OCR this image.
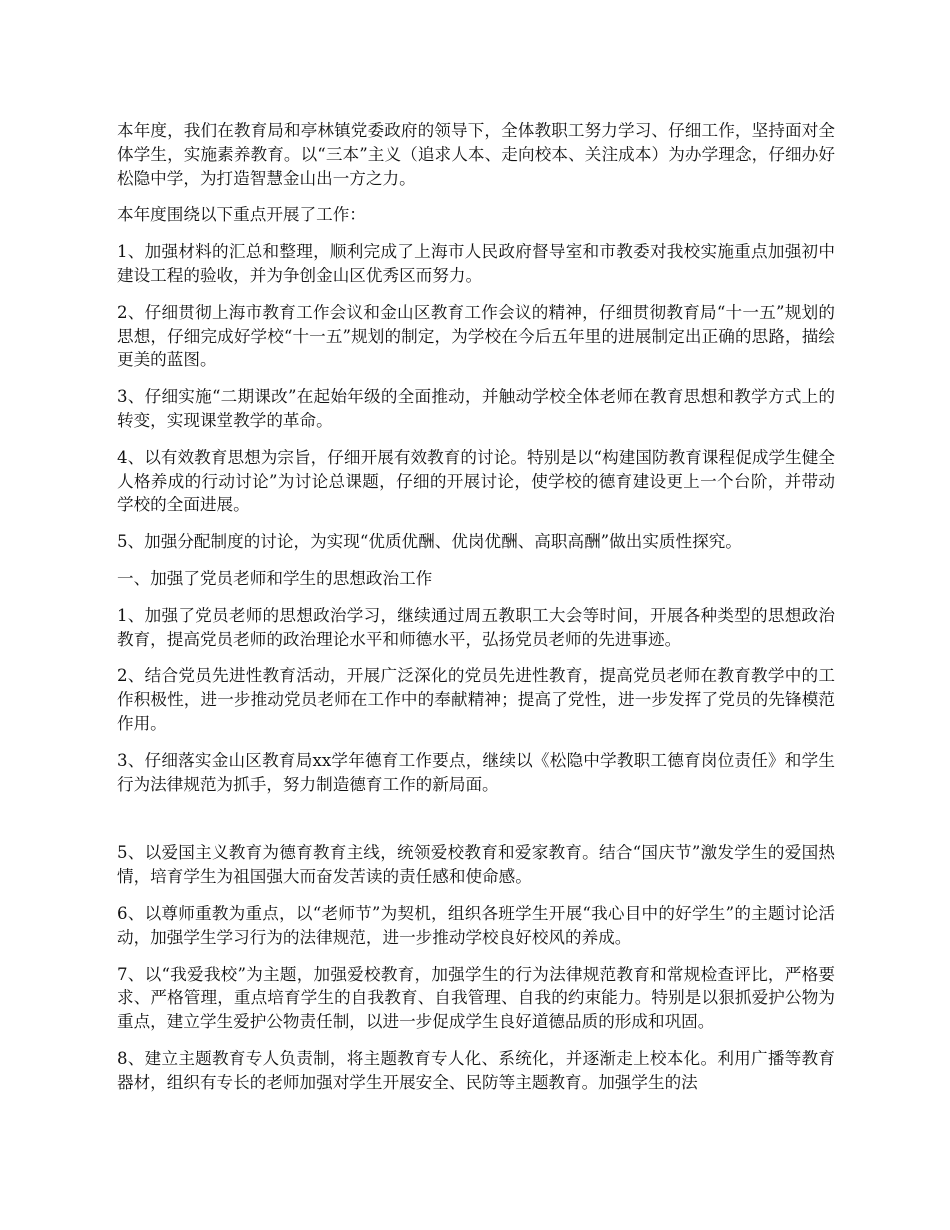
本年度，我们在教育局和亭林镇党委政府的领导下，全体教职工努力学习、仔细工作，坚持面对全体学生，实施素养教育。以“三本”主义（追求人本、走向校本、关注成本）为办学理念，仔细办好松隐中学，为打造智慧金山出一方之力。

本年度围绕以下重点开展了工作：

1、加强材料的汇总和整理，顺利完成了上海市人民政府督导室和市教委对我校实施重点加强初中建设工程的验收，并为争创金山区优秀区而努力。

2、仔细贯彻上海市教育工作会议和金山区教育工作会议的精神，仔细贯彻教育局“十一五”规划的思想，仔细完成好学校“十一五”规划的制定，为学校在今后五年里的进展制定出正确的思路，描绘更美的蓝图。

3、仔细实施“二期课改”在起始年级的全面推动，并触动学校全体老师在教育思想和教学方式上的转变，实现课堂教学的革命。

4、以有效教育思想为宗旨，仔细开展有效教育的讨论。特别是以“构建国防教育课程促成学生健全人格养成的行动讨论”为讨论总课题，仔细的开展讨论，使学校的德育建设更上一个台阶，并带动学校的全面进展。

5、加强分配制度的讨论，为实现“优质优酬、优岗优酬、高职高酬”做出实质性探究。

一、加强了党员老师和学生的思想政治工作

1、加强了党员老师的思想政治学习，继续通过周五教职工大会等时间，开展各种类型的思想政治教育，提高党员老师的政治理论水平和师德水平，弘扬党员老师的先进事迹。

2、结合党员先进性教育活动，开展广泛深化的党员先进性教育，提高党员老师在教育教学中的工作积极性，进一步推动党员老师在工作中的奉献精神；提高了党性，进一步发挥了党员的先锋模范作用。

3、仔细落实金山区教育局xx学年德育工作要点，继续以《松隐中学教职工德育岗位责任》和学生行为法律规范为抓手，努力制造德育工作的新局面。

5、以爱国主义教育为德育教育主线，统领爱校教育和爱家教育。结合“国庆节”激发学生的爱国热情，培育学生为祖国强大而奋发苦读的责任感和使命感。

6、以尊师重教为重点，以“老师节”为契机，组织各班学生开展“我心目中的好学生”的主题讨论活动，加强学生学习行为的法律规范，进一步推动学校良好校风的养成。

7、以“我爱我校”为主题，加强爱校教育，加强学生的行为法律规范教育和常规检查评比，严格要求、严格管理，重点培育学生的自我教育、自我管理、自我的约束能力。特别是以狠抓爱护公物为重点，建立学生爱护公物责任制，以进一步促成学生良好道德品质的形成和巩固。

8、建立主题教育专人负责制，将主题教育专人化、系统化，并逐渐走上校本化。利用广播等教育器材，组织有专长的老师加强对学生开展安全、民防等主题教育。加强学生的法
